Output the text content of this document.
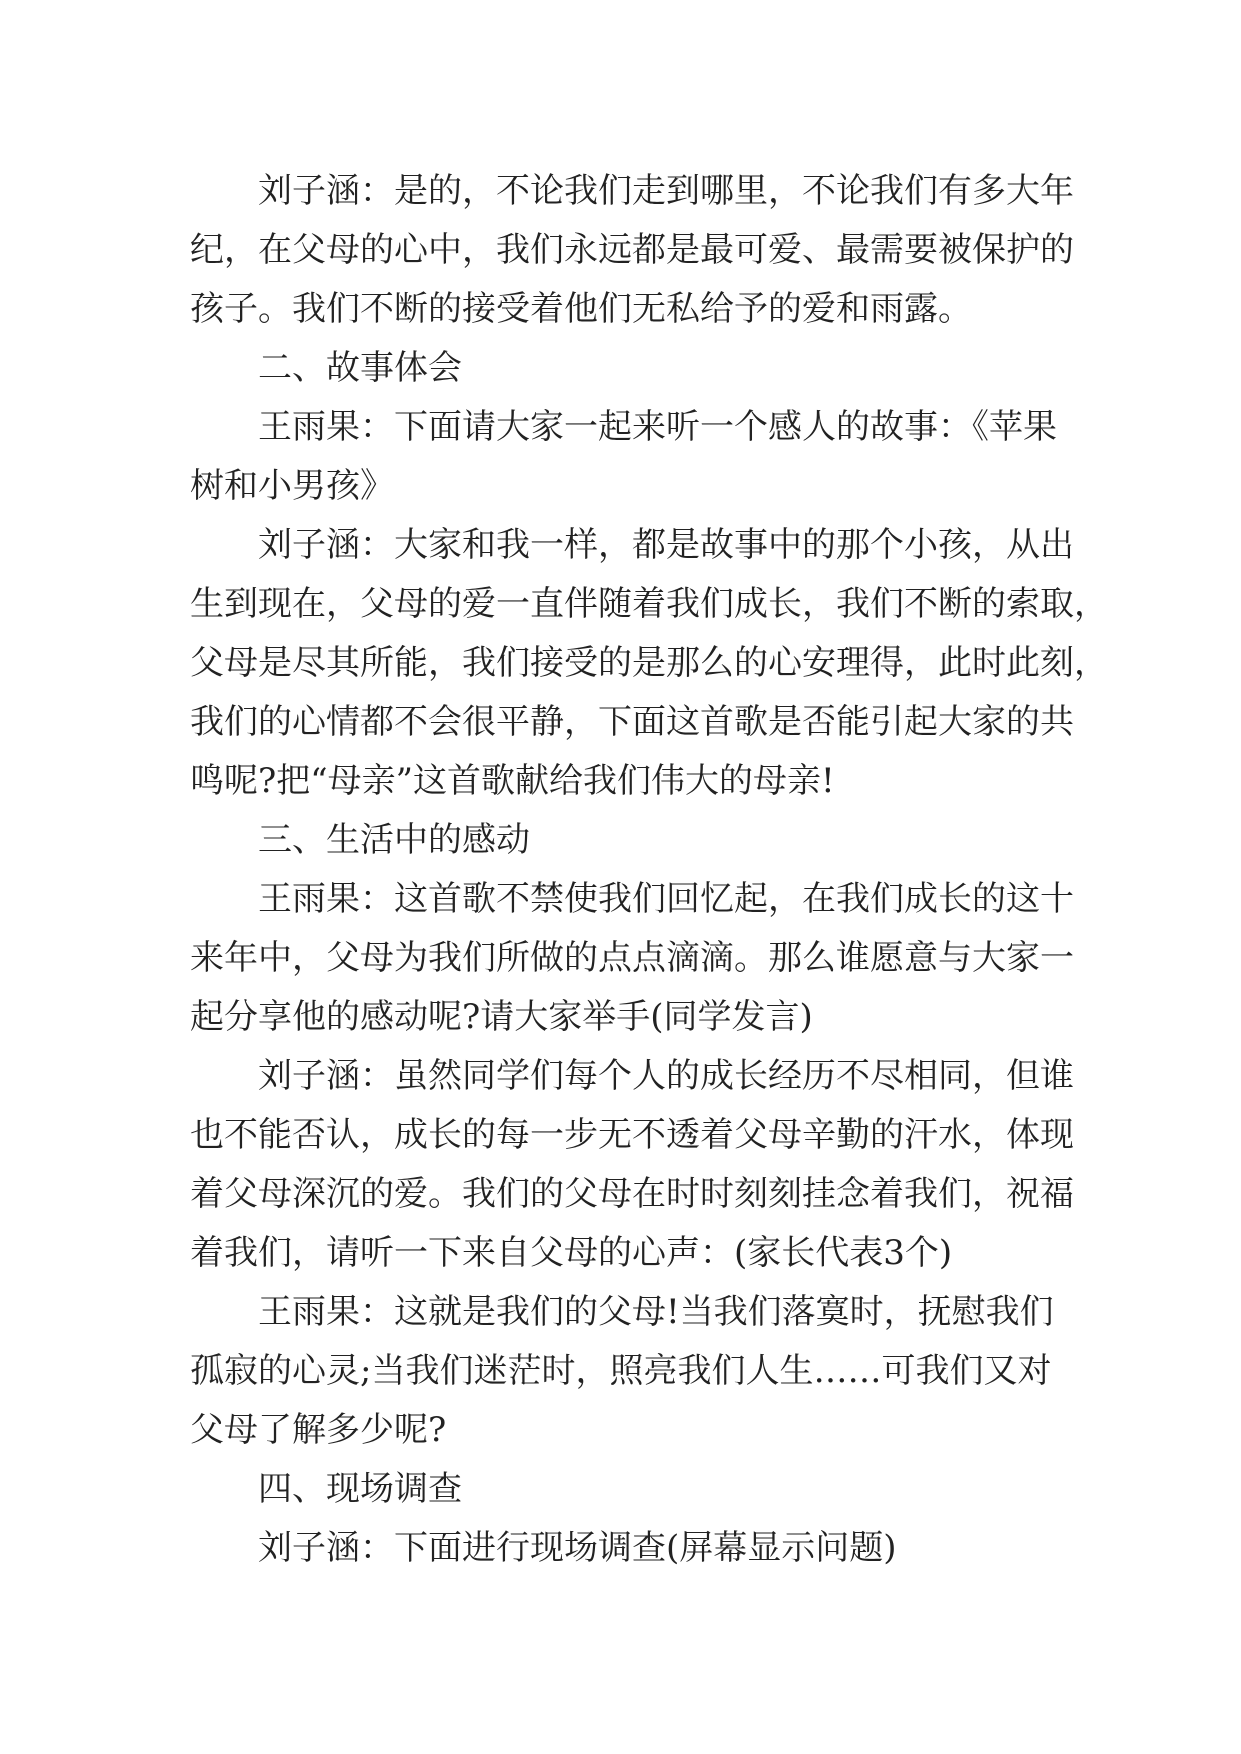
刘子涵：是的，不论我们走到哪里，不论我们有多大年
纪，在父母的心中，我们永远都是最可爱、最需要被保护的
孩子。我们不断的接受着他们无私给予的爱和雨露。
二、故事体会
王雨果：下面请大家一起来听一个感人的故事：《苹果
树和小男孩》
刘子涵：大家和我一样，都是故事中的那个小孩，从出
生到现在，父母的爱一直伴随着我们成长，我们不断的索取，
父母是尽其所能，我们接受的是那么的心安理得，此时此刻，
我们的心情都不会很平静，下面这首歌是否能引起大家的共
鸣呢?把“母亲”这首歌献给我们伟大的母亲!
三、生活中的感动
王雨果：这首歌不禁使我们回忆起，在我们成长的这十
来年中，父母为我们所做的点点滴滴。那么谁愿意与大家一
起分享他的感动呢?请大家举手(同学发言)
刘子涵：虽然同学们每个人的成长经历不尽相同，但谁
也不能否认，成长的每一步无不透着父母辛勤的汗水，体现
着父母深沉的爱。我们的父母在时时刻刻挂念着我们，祝福
着我们，请听一下来自父母的心声：(家长代表3个)
王雨果：这就是我们的父母!当我们落寞时，抚慰我们
孤寂的心灵;当我们迷茫时，照亮我们人生……可我们又对
父母了解多少呢?
四、现场调查
刘子涵：下面进行现场调查(屏幕显示问题)
